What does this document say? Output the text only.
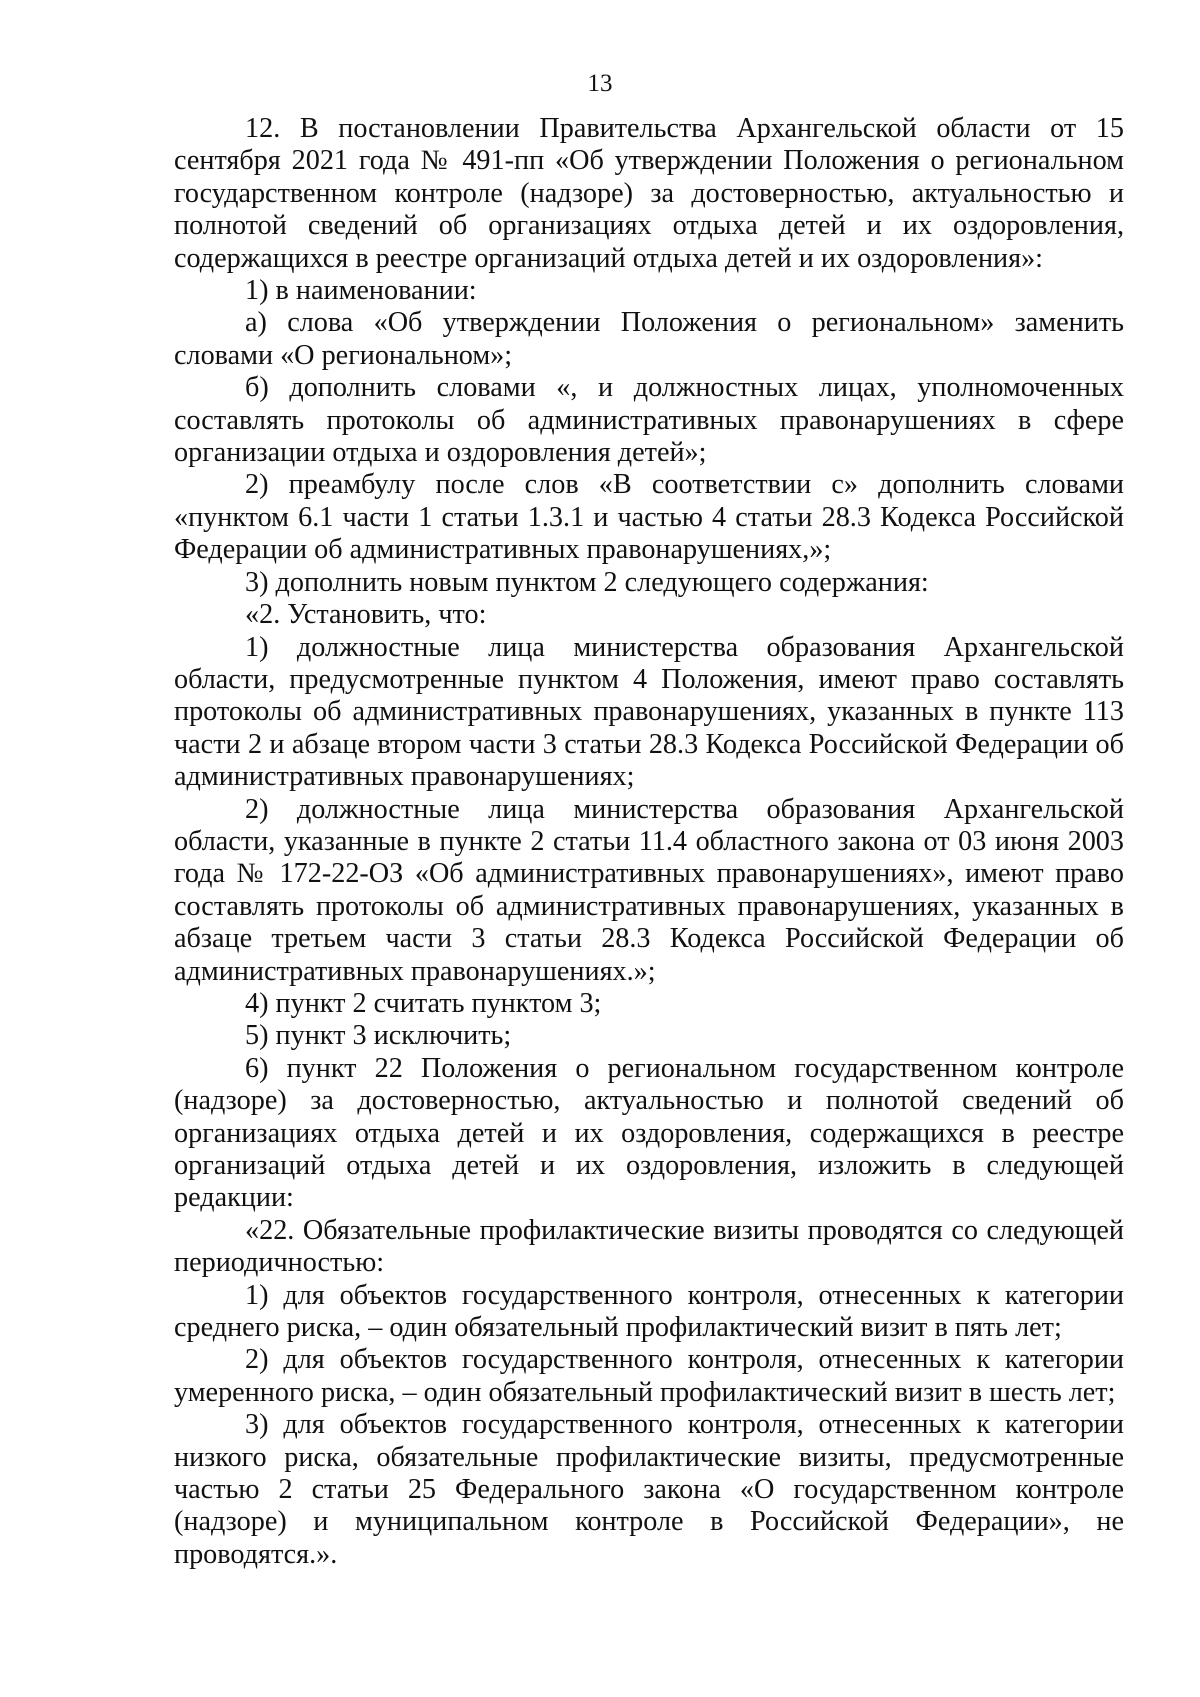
13

12. В постановлении Правительства Архангельской области от 15 сентября 2021 года № 491-пп «Об утверждении Положения о региональном государственном контроле (надзоре) за достоверностью, актуальностью и полнотой сведений об организациях отдыха детей и их оздоровления, содержащихся в реестре организаций отдыха детей и их оздоровления»:

1) в наименовании:

а) слова «Об утверждении Положения о региональном» заменить словами «О региональном»;

б) дополнить словами «, и должностных лицах, уполномоченных составлять протоколы об административных правонарушениях в сфере организации отдыха и оздоровления детей»;

2) преамбулу после слов «В соответствии с» дополнить словами «пунктом 6.1 части 1 статьи 1.3.1 и частью 4 статьи 28.3 Кодекса Российской Федерации об административных правонарушениях,»;

3) дополнить новым пунктом 2 следующего содержания:

«2. Установить, что:

1) должностные лица министерства образования Архангельской области, предусмотренные пунктом 4 Положения, имеют право составлять протоколы об административных правонарушениях, указанных в пункте 113 части 2 и абзаце втором части 3 статьи 28.3 Кодекса Российской Федерации об административных правонарушениях;

2) должностные лица министерства образования Архангельской области, указанные в пункте 2 статьи 11.4 областного закона от 03 июня 2003 года № 172-22-ОЗ «Об административных правонарушениях», имеют право составлять протоколы об административных правонарушениях, указанных в абзаце третьем части 3 статьи 28.3 Кодекса Российской Федерации об административных правонарушениях.»;

4) пункт 2 считать пунктом 3;

5) пункт 3 исключить;

6) пункт 22 Положения о региональном государственном контроле (надзоре) за достоверностью, актуальностью и полнотой сведений об организациях отдыха детей и их оздоровления, содержащихся в реестре организаций отдыха детей и их оздоровления, изложить в следующей редакции:

«22. Обязательные профилактические визиты проводятся со следующей периодичностью:

1) для объектов государственного контроля, отнесенных к категории среднего риска, – один обязательный профилактический визит в пять лет;

2) для объектов государственного контроля, отнесенных к категории умеренного риска, – один обязательный профилактический визит в шесть лет;

3) для объектов государственного контроля, отнесенных к категории низкого риска, обязательные профилактические визиты, предусмотренные частью 2 статьи 25 Федерального закона «О государственном контроле (надзоре) и муниципальном контроле в Российской Федерации», не проводятся.».
